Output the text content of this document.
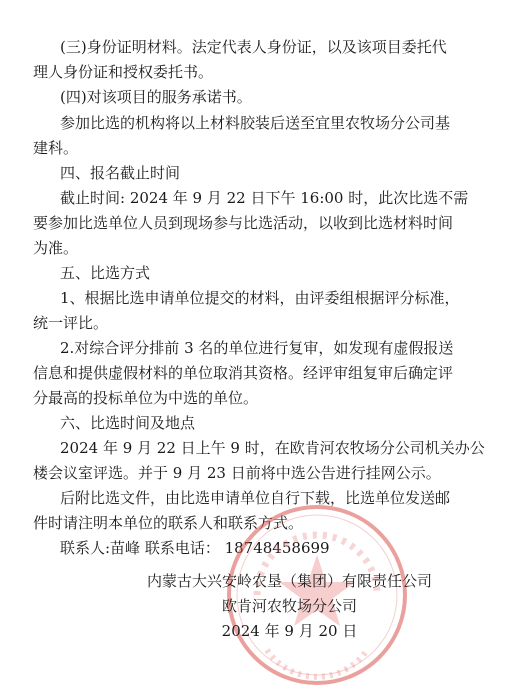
(三)身份证明材料。法定代表人身份证，以及该项目委托代
理人身份证和授权委托书。
(四)对该项目的服务承诺书。
参加比选的机构将以上材料胶装后送至宜里农牧场分公司基
建科。
四、报名截止时间
截止时间: 2024 年 9 月 22 日下午 16:00 时，此次比选不需
要参加比选单位人员到现场参与比选活动，以收到比选材料时间
为准。
五、比选方式
1、根据比选申请单位提交的材料，由评委组根据评分标准，
统一评比。
2.对综合评分排前 3 名的单位进行复审，如发现有虚假报送
信息和提供虚假材料的单位取消其资格。经评审组复审后确定评
分最高的投标单位为中选的单位。
六、比选时间及地点
2024 年 9 月 22 日上午 9 时，在欧肯河农牧场分公司机关办公
楼会议室评选。并于 9 月 23 日前将中选公告进行挂网公示。
后附比选文件，由比选申请单位自行下载，比选单位发送邮
件时请注明本单位的联系人和联系方式。
联系人:苗峰 联系电话： 18748458699
内蒙古大兴安岭农垦（集团）有限责任公司
欧肯河农牧场分公司
2024 年 9 月 20 日
